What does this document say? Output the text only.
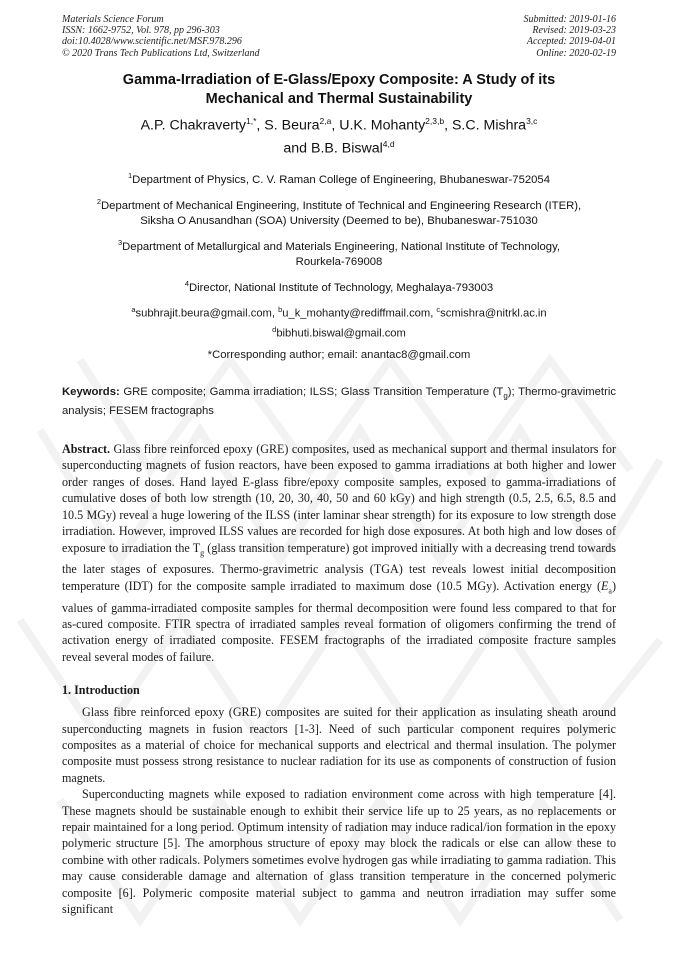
Materials Science Forum
ISSN: 1662-9752, Vol. 978, pp 296-303
doi:10.4028/www.scientific.net/MSF.978.296
© 2020 Trans Tech Publications Ltd, Switzerland
Submitted: 2019-01-16
Revised: 2019-03-23
Accepted: 2019-04-01
Online: 2020-02-19
Gamma-Irradiation of E-Glass/Epoxy Composite: A Study of its
Mechanical and Thermal Sustainability
A.P. Chakraverty$^{1,*}$, S. Beura$^{2,a}$, U.K. Mohanty$^{2,3,b}$, S.C. Mishra$^{3,c}$
and B.B. Biswal$^{4,d}$
$^1$Department of Physics, C. V. Raman College of Engineering, Bhubaneswar-752054
$^2$Department of Mechanical Engineering, Institute of Technical and Engineering Research (ITER),
Siksha O Anusandhan (SOA) University (Deemed to be), Bhubaneswar-751030
$^3$Department of Metallurgical and Materials Engineering, National Institute of Technology,
Rourkela-769008
$^4$Director, National Institute of Technology, Meghalaya-793003
$^a$subhrajit.beura@gmail.com, $^b$u_k_mohanty@rediffmail.com, $^c$scmishra@nitrkl.ac.in
$^d$bibhuti.biswal@gmail.com
*Corresponding author; email: anantac8@gmail.com
Keywords: GRE composite; Gamma irradiation; ILSS; Glass Transition Temperature $(T_g)$; Thermo-gravimetric analysis; FESEM fractographs
Abstract. Glass fibre reinforced epoxy (GRE) composites, used as mechanical support and thermal insulators for superconducting magnets of fusion reactors, have been exposed to gamma irradiations at both higher and lower order ranges of doses. Hand layed E-glass fibre/epoxy composite samples, exposed to gamma-irradiations of cumulative doses of both low strength (10, 20, 30, 40, 50 and 60 kGy) and high strength (0.5, 2.5, 6.5, 8.5 and 10.5 MGy) reveal a huge lowering of the ILSS (inter laminar shear strength) for its exposure to low strength dose irradiation. However, improved ILSS values are recorded for high dose exposures. At both high and low doses of exposure to irradiation the $T_g$ (glass transition temperature) got improved initially with a decreasing trend towards the later stages of exposures. Thermo-gravimetric analysis (TGA) test reveals lowest initial decomposition temperature (IDT) for the composite sample irradiated to maximum dose (10.5 MGy). Activation energy $(E_a)$ values of gamma-irradiated composite samples for thermal decomposition were found less compared to that for as-cured composite. FTIR spectra of irradiated samples reveal formation of oligomers confirming the trend of activation energy of irradiated composite. FESEM fractographs of the irradiated composite fracture samples reveal several modes of failure.
1. Introduction
Glass fibre reinforced epoxy (GRE) composites are suited for their application as insulating sheath around superconducting magnets in fusion reactors [1-3]. Need of such particular component requires polymeric composites as a material of choice for mechanical supports and electrical and thermal insulation. The polymer composite must possess strong resistance to nuclear radiation for its use as components of construction of fusion magnets.
Superconducting magnets while exposed to radiation environment come across with high temperature [4]. These magnets should be sustainable enough to exhibit their service life up to 25 years, as no replacements or repair maintained for a long period. Optimum intensity of radiation may induce radical/ion formation in the epoxy polymeric structure [5]. The amorphous structure of epoxy may block the radicals or else can allow these to combine with other radicals. Polymers sometimes evolve hydrogen gas while irradiating to gamma radiation. This may cause considerable damage and alternation of glass transition temperature in the concerned polymeric composite [6]. Polymeric composite material subject to gamma and neutron irradiation may suffer some significant
